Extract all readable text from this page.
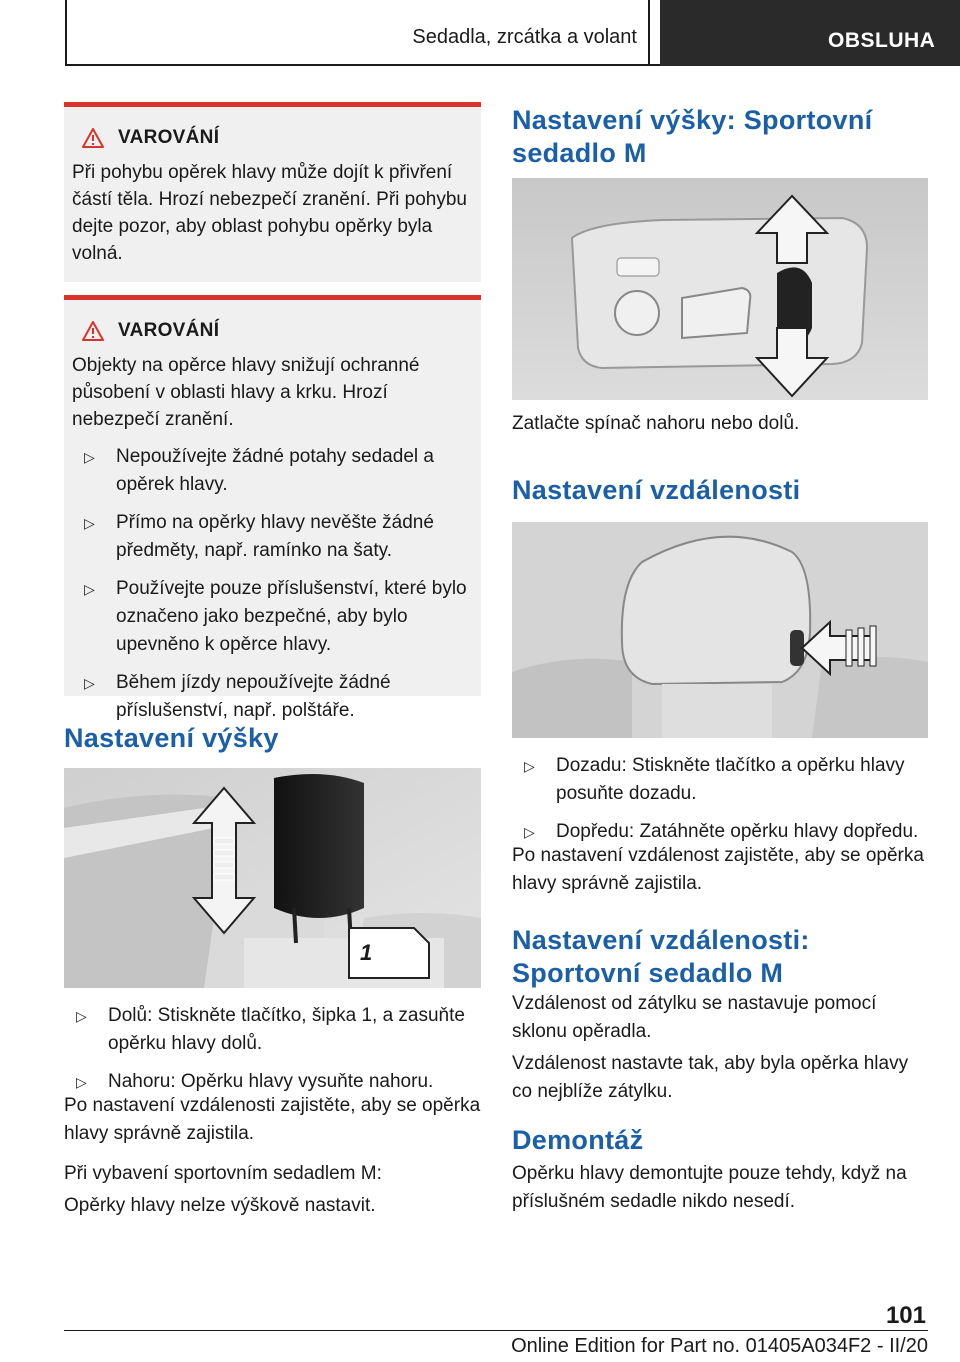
Sedadla, zrcátka a volant	OBSLUHA
VAROVÁNÍ
Při pohybu opěrek hlavy může dojít k přivření částí těla. Hrozí nebezpečí zranění. Při pohybu dejte pozor, aby oblast pohybu opěrky byla volná.
VAROVÁNÍ
Objekty na opěrce hlavy snižují ochranné působení v oblasti hlavy a krku. Hrozí nebezpečí zranění.
▷	Nepoužívejte žádné potahy sedadel a opěrek hlavy.
▷	Přímo na opěrky hlavy nevěšte žádné předměty, např. ramínko na šaty.
▷	Používejte pouze příslušenství, které bylo označeno jako bezpečné, aby bylo upevněno k opěrce hlavy.
▷	Během jízdy nepoužívejte žádné příslušenství, např. polštáře.
Nastavení výšky
1
▷	Dolů: Stiskněte tlačítko, šipka 1, a zasuňte opěrku hlavy dolů.
▷	Nahoru: Opěrku hlavy vysuňte nahoru.
Po nastavení vzdálenosti zajistěte, aby se opěrka hlavy správně zajistila.
Při vybavení sportovním sedadlem M:
Opěrky hlavy nelze výškově nastavit.
Nastavení výšky: Sportovní sedadlo M
Zatlačte spínač nahoru nebo dolů.
Nastavení vzdálenosti
▷	Dozadu: Stiskněte tlačítko a opěrku hlavy posuňte dozadu.
▷	Dopředu: Zatáhněte opěrku hlavy dopředu.
Po nastavení vzdálenost zajistěte, aby se opěrka hlavy správně zajistila.
Nastavení vzdálenosti: Sportovní sedadlo M
Vzdálenost od zátylku se nastavuje pomocí sklonu opěradla.
Vzdálenost nastavte tak, aby byla opěrka hlavy co nejblíže zátylku.
Demontáž
Opěrku hlavy demontujte pouze tehdy, když na příslušném sedadle nikdo nesedí.
101
Online Edition for Part no. 01405A034F2 - II/20
